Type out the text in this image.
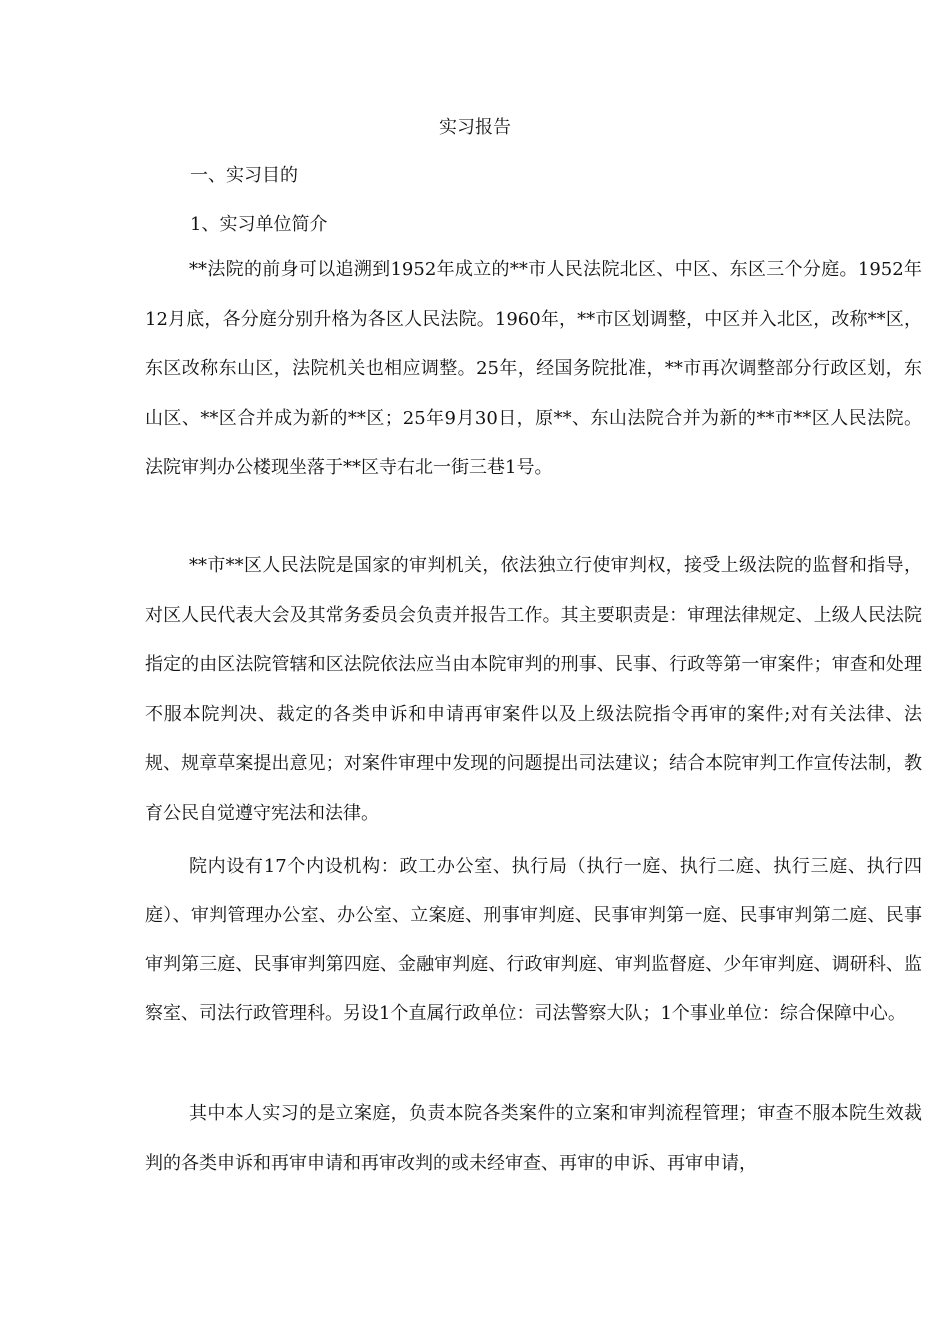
实习报告
一、实习目的
1、实习单位简介

**法院的前身可以追溯到1952年成立的**市人民法院北区、中区、东区三个分庭。1952年12月底，各分庭分别升格为各区人民法院。1960年，**市区划调整，中区并入北区，改称**区，东区改称东山区，法院机关也相应调整。25年，经国务院批准，**市再次调整部分行政区划，东山区、**区合并成为新的**区；25年9月30日，原**、东山法院合并为新的**市**区人民法院。法院审判办公楼现坐落于**区寺右北一街三巷1号。

**市**区人民法院是国家的审判机关，依法独立行使审判权，接受上级法院的监督和指导，对区人民代表大会及其常务委员会负责并报告工作。其主要职责是：审理法律规定、上级人民法院指定的由区法院管辖和区法院依法应当由本院审判的刑事、民事、行政等第一审案件；审查和处理不服本院判决、裁定的各类申诉和申请再审案件以及上级法院指令再审的案件;对有关法律、法规、规章草案提出意见；对案件审理中发现的问题提出司法建议；结合本院审判工作宣传法制，教育公民自觉遵守宪法和法律。

院内设有17个内设机构：政工办公室、执行局（执行一庭、执行二庭、执行三庭、执行四庭）、审判管理办公室、办公室、立案庭、刑事审判庭、民事审判第一庭、民事审判第二庭、民事审判第三庭、民事审判第四庭、金融审判庭、行政审判庭、审判监督庭、少年审判庭、调研科、监察室、司法行政管理科。另设1个直属行政单位：司法警察大队；1个事业单位：综合保障中心。

其中本人实习的是立案庭，负责本院各类案件的立案和审判流程管理；审查不服本院生效裁判的各类申诉和再审申请和再审改判的或未经审查、再审的申诉、再审申请，
